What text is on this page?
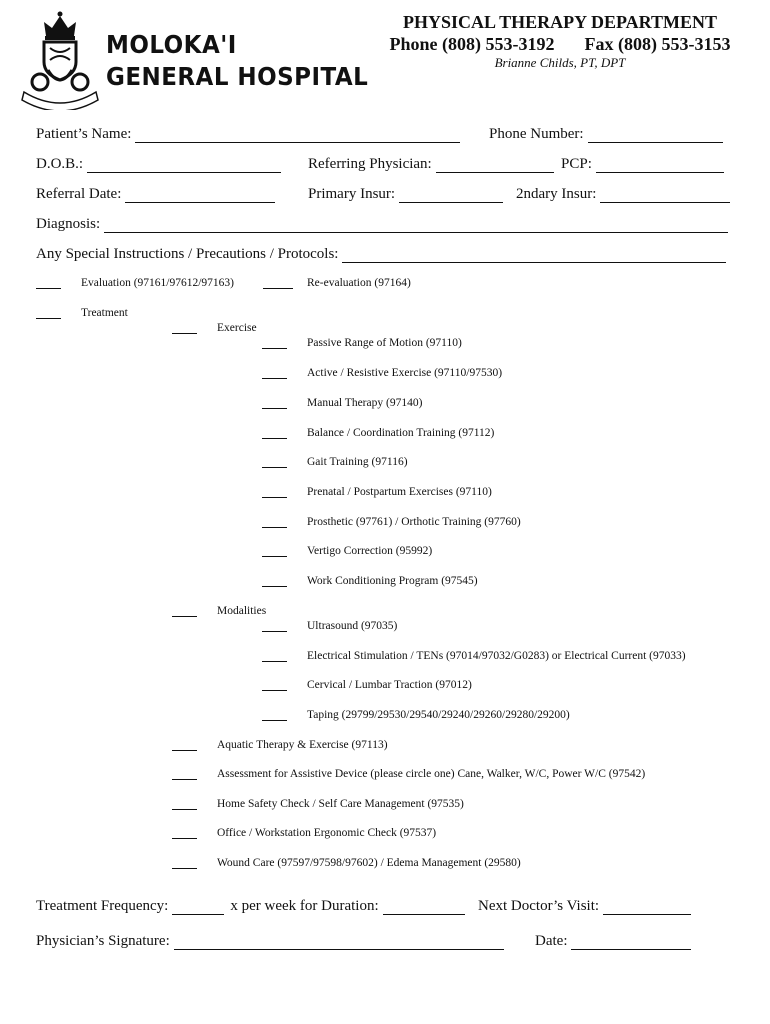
MOLOKA'I
GENERAL HOSPITAL
PHYSICAL THERAPY DEPARTMENT
Phone (808) 553-3192 Fax (808) 553-3153
Brianne Childs, PT, DPT
Patient’s Name:	Phone Number:
D.O.B.:	Referring Physician:	PCP:
Referral Date:	Primary Insur:	2ndary Insur:
Diagnosis:
Any Special Instructions / Precautions / Protocols:
Evaluation (97161/97612/97163)	Re-evaluation (97164)
Treatment
Exercise
Passive Range of Motion (97110)
Active / Resistive Exercise (97110/97530)
Manual Therapy (97140)
Balance / Coordination Training (97112)
Gait Training (97116)
Prenatal / Postpartum Exercises (97110)
Prosthetic (97761) / Orthotic Training (97760)
Vertigo Correction (95992)
Work Conditioning Program (97545)
Modalities
Ultrasound (97035)
Electrical Stimulation / TENs (97014/97032/G0283) or Electrical Current (97033)
Cervical / Lumbar Traction (97012)
Taping (29799/29530/29540/29240/29260/29280/29200)
Aquatic Therapy & Exercise (97113)
Assessment for Assistive Device (please circle one) Cane, Walker, W/C, Power W/C (97542)
Home Safety Check / Self Care Management (97535)
Office / Workstation Ergonomic Check (97537)
Wound Care (97597/97598/97602) / Edema Management (29580)
Treatment Frequency:	x per week for Duration:	Next Doctor’s Visit:
Physician’s Signature:	Date:
